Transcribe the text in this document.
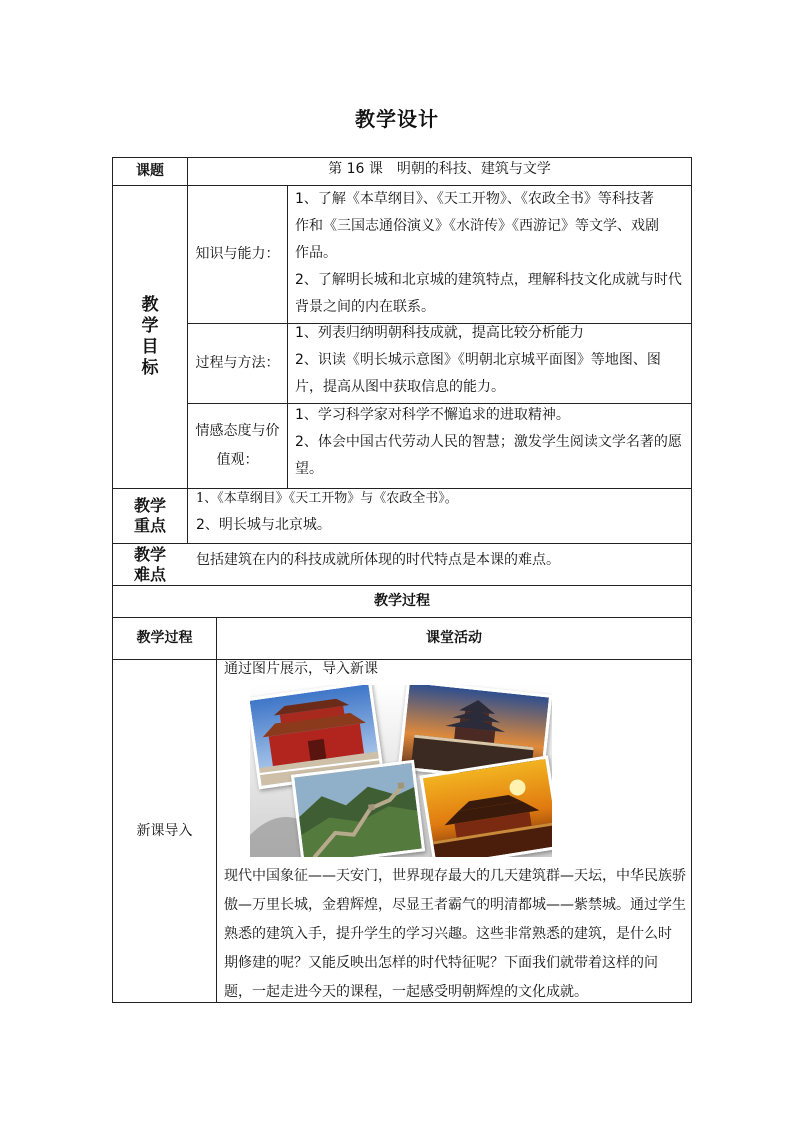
教学设计
课题	第 16 课　明朝的科技、建筑与文学
教
学
目
标
知识与能力：
1、了解《本草纲目》、《天工开物》、《农政全书》等科技著
作和《三国志通俗演义》《水浒传》《西游记》等文学、戏剧
作品。
2、了解明长城和北京城的建筑特点，理解科技文化成就与时代
背景之间的内在联系。
过程与方法：
1、列表归纳明朝科技成就，提高比较分析能力
2、识读《明长城示意图》《明朝北京城平面图》等地图、图
片，提高从图中获取信息的能力。
情感态度与价
值观：
1、学习科学家对科学不懈追求的进取精神。
2、体会中国古代劳动人民的智慧；激发学生阅读文学名著的愿
望。
教学
重点
1、《本草纲目》《天工开物》与《农政全书》。
2、明长城与北京城。
教学
难点
包括建筑在内的科技成就所体现的时代特点是本课的难点。
教学过程
教学过程	课堂活动
新课导入
通过图片展示，导入新课
现代中国象征——天安门，世界现存最大的几天建筑群—天坛，中华民族骄
傲—万里长城，金碧辉煌，尽显王者霸气的明清都城——紫禁城。通过学生
熟悉的建筑入手，提升学生的学习兴趣。这些非常熟悉的建筑，是什么时
期修建的呢？又能反映出怎样的时代特征呢？下面我们就带着这样的问
题，一起走进今天的课程，一起感受明朝辉煌的文化成就。
